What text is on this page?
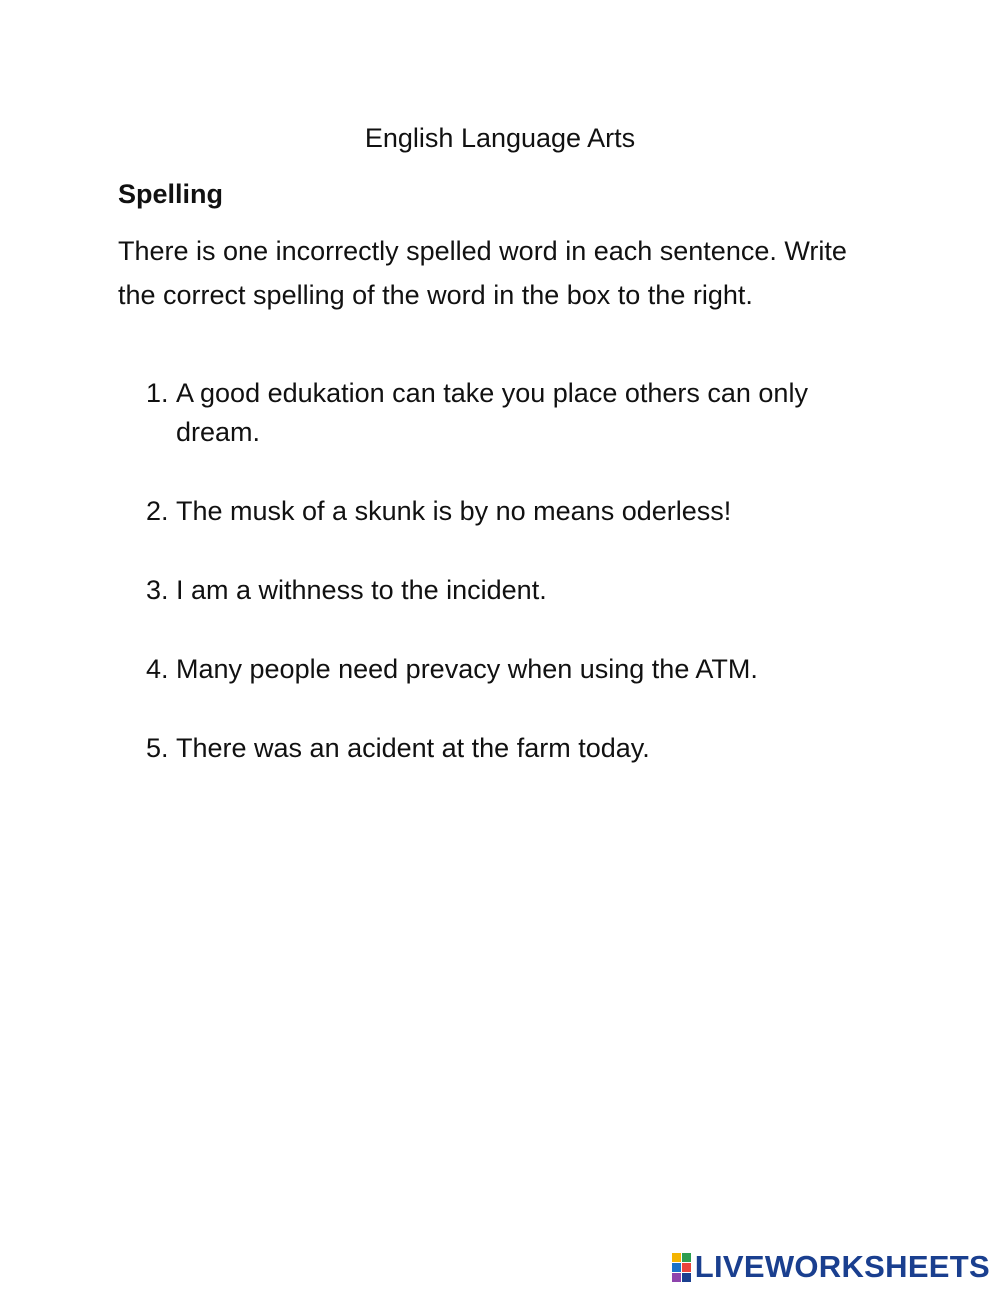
English Language Arts
Spelling
There is one incorrectly spelled word in each sentence. Write the correct spelling of the word in the box to the right.
1. A good edukation can take you place others can only dream.
2. The musk of a skunk is by no means oderless!
3. I am a withness to the incident.
4. Many people need prevacy when using the ATM.
5. There was an acident at the farm today.
LIVEWORKSHEETS
